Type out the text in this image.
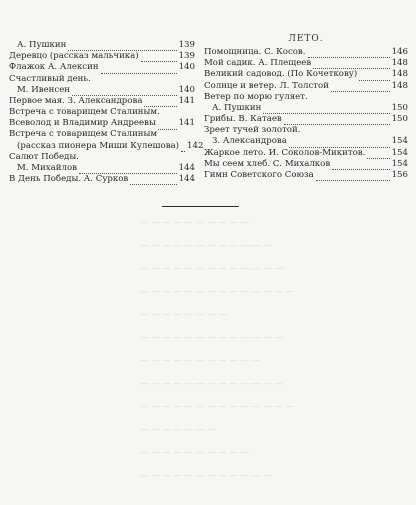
А. Пушкин	139
Деревцо (рассказ мальчика)	139
Флажок А. Алексин	140
Счастливый день.
М. Ивенсен	140
Первое мая. З. Александрова	141
Встреча с товарищем Сталиным.
Всеволод и Владимир Андреевы	141
Встреча с товарищем Сталиным
(рассказ пионера Миши Кулешова) 142
Салют Победы.
М. Михайлов	144
В День Победы. А. Сурков	144
ЛЕТО.
Помощница. С. Косов.	146
Мой садик. А. Плещеев	148
Великий садовод. (По Кочеткову)	148
Солнце и ветер. Л. Толстой	148
Ветер по морю гуляет.
А. Пушкин	150
Грибы. В. Катаев	150
Зреет тучей золотой.
З. Александрова	154
Жаркое лето. И. Соколов-Микитов.	154
Мы сеем хлеб. С. Михалков	154
Гимн Советского Союза	156
— — — — — — — — — —
— — — — — — — — — — — —
— — — — — — — — — — — — —
— — — — — — — — — — — — — —
— — — — — — — —
— — — — — — — — — — — — —
— — — — — — — — — — —
— — — — — — — — — — — — —
— — — — — — — — — — — — — —
— — — — — — —
— — — — — — — — — —
— — — — — — — — — — — —
